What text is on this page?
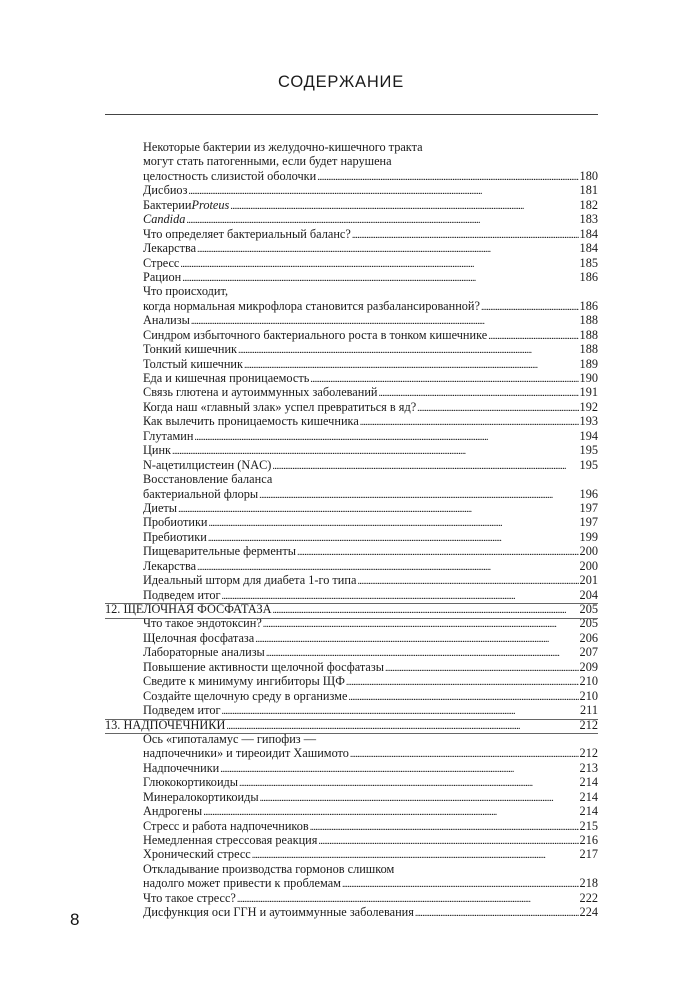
СОДЕРЖАНИЕ
Некоторые бактерии из желудочно-кишечного тракта
могут стать патогенными, если будет нарушена
целостность слизистой оболочки . . .	180
Дисбиоз . . .	181
Бактерии Proteus . . .	182
Candida . . .	183
Что определяет бактериальный баланс? . . .	184
Лекарства . . .	184
Стресс . . .	185
Рацион . . .	186
Что происходит,
когда нормальная микрофлора становится разбалансированной? . . .	186
Анализы . . .	188
Синдром избыточного бактериального роста в тонком кишечнике . . .	188
Тонкий кишечник . . .	188
Толстый кишечник . . .	189
Еда и кишечная проницаемость . . .	190
Связь глютена и аутоиммунных заболеваний . . .	191
Когда наш «главный злак» успел превратиться в яд? . . .	192
Как вылечить проницаемость кишечника . . .	193
Глутамин . . .	194
Цинк . . .	195
N-ацетилцистеин (NAC) . . .	195
Восстановление баланса
бактериальной флоры . . .	196
Диеты . . .	197
Пробиотики . . .	197
Пребиотики . . .	199
Пищеварительные ферменты . . .	200
Лекарства . . .	200
Идеальный шторм для диабета 1-го типа . . .	201
Подведем итог . . .	204
12. ЩЕЛОЧНАЯ ФОСФАТАЗА . . .	205
Что такое эндотоксин? . . .	205
Щелочная фосфатаза . . .	206
Лабораторные анализы . . .	207
Повышение активности щелочной фосфатазы . . .	209
Сведите к минимуму ингибиторы ЩФ . . .	210
Создайте щелочную среду в организме . . .	210
Подведем итог . . .	211
13. НАДПОЧЕЧНИКИ . . .	212
Ось «гипоталамус — гипофиз —
надпочечники» и тиреоидит Хашимото . . .	212
Надпочечники . . .	213
Глюкокортикоиды . . .	214
Минералокортикоиды . . .	214
Андрогены . . .	214
Стресс и работа надпочечников . . .	215
Немедленная стрессовая реакция . . .	216
Хронический стресс . . .	217
Откладывание производства гормонов слишком
надолго может привести к проблемам . . .	218
Что такое стресс? . . .	222
Дисфункция оси ГГН и аутоиммунные заболевания . . .	224
8
